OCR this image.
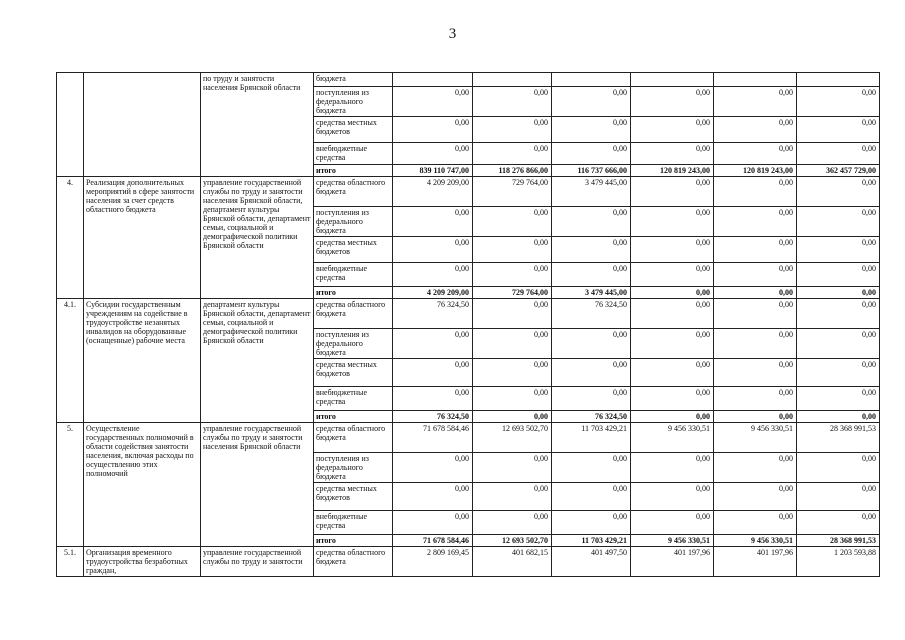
3
		по труду и занятости населения Брянской области	бюджета						
			поступления из федерального бюджета	0,00	0,00	0,00	0,00	0,00	0,00
			средства местных бюджетов	0,00	0,00	0,00	0,00	0,00	0,00
			внебюджетные средства	0,00	0,00	0,00	0,00	0,00	0,00
			итого	839 110 747,00	118 276 866,00	116 737 666,00	120 819 243,00	120 819 243,00	362 457 729,00
4.	Реализация дополнительных мероприятий в сфере занятости населения за счет средств областного бюджета	управление государственной службы по труду и занятости населения Брянской области, департамент культуры Брянской области, департамент семьи, социальной и демографической политики Брянской области	средства областного бюджета	4 209 209,00	729 764,00	3 479 445,00	0,00	0,00	0,00
			поступления из федерального бюджета	0,00	0,00	0,00	0,00	0,00	0,00
			средства местных бюджетов	0,00	0,00	0,00	0,00	0,00	0,00
			внебюджетные средства	0,00	0,00	0,00	0,00	0,00	0,00
			итого	4 209 209,00	729 764,00	3 479 445,00	0,00	0,00	0,00
4.1.	Субсидии государственным учреждениям на содействие в трудоустройстве незанятых инвалидов на оборудованные (оснащенные) рабочие места	департамент культуры Брянской области, департамент семьи, социальной и демографической политики Брянской области	средства областного бюджета	76 324,50	0,00	76 324,50	0,00	0,00	0,00
			поступления из федерального бюджета	0,00	0,00	0,00	0,00	0,00	0,00
			средства местных бюджетов	0,00	0,00	0,00	0,00	0,00	0,00
			внебюджетные средства	0,00	0,00	0,00	0,00	0,00	0,00
			итого	76 324,50	0,00	76 324,50	0,00	0,00	0,00
5.	Осуществление государственных полномочий в области содействия занятости населения, включая расходы по осуществлению этих полномочий	управление государственной службы по труду и занятости населения Брянской области	средства областного бюджета	71 678 584,46	12 693 502,70	11 703 429,21	9 456 330,51	9 456 330,51	28 368 991,53
			поступления из федерального бюджета	0,00	0,00	0,00	0,00	0,00	0,00
			средства местных бюджетов	0,00	0,00	0,00	0,00	0,00	0,00
			внебюджетные средства	0,00	0,00	0,00	0,00	0,00	0,00
			итого	71 678 584,46	12 693 502,70	11 703 429,21	9 456 330,51	9 456 330,51	28 368 991,53
5.1.	Организация временного трудоустройства безработных граждан,	управление государственной службы по труду и занятости	средства областного бюджета	2 809 169,45	401 682,15	401 497,50	401 197,96	401 197,96	1 203 593,88
